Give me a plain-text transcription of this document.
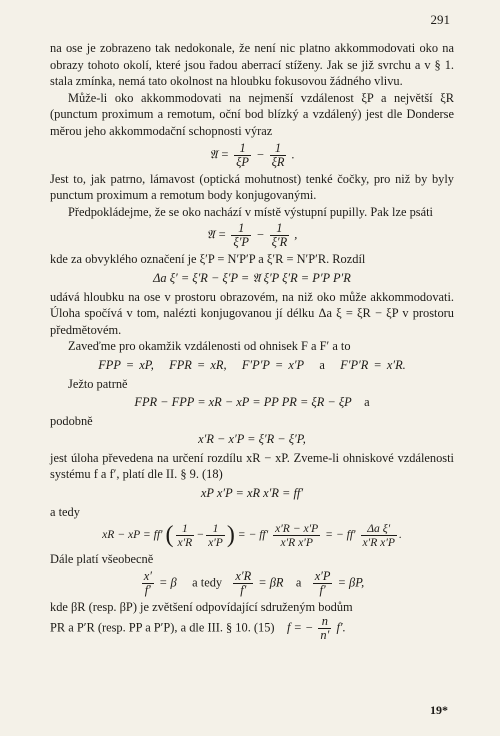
291

na ose je zobrazeno tak nedokonale, že není nic platno akkommodovati oko na obrazy tohoto okolí, které jsou řadou aberrací stíženy. Jak se již svrchu a v § 1. stala zmínka, nemá tato okolnost na hloubku fokusovou žádného vlivu.

Může-li oko akkommodovati na nejmenší vzdálenost ξP a největší ξR (punctum proximum a remotum, oční bod blízký a vzdálený) jest dle Donderse měrou jeho akkommodační schopnosti výraz

𝔄 = $\frac{1}{\xi P} - \frac{1}{\xi R}$ .

Jest to, jak patrno, lámavost (optická mohutnost) tenké čočky, pro niž by byly punctum proximum a remotum body konjugovanými.

Předpokládejme, že se oko nachází v místě výstupní pupilly. Pak lze psáti

𝔄 = $\frac{1}{\xi'P} - \frac{1}{\xi'R}$ ,

kde za obvyklého označení je ξ′P = N′P′P a ξ′R = N′P′R. Rozdíl

Δa ξ′ = ξ′R − ξ′P = 𝔄 ξ′P ξ′R = P′P P′R

udává hloubku na ose v prostoru obrazovém, na niž oko může akkommodovati. Úloha spočívá v tom, nalézti konjugovanou jí délku Δa ξ = ξR − ξP v prostoru předmětovém.

Zaveďme pro okamžik vzdálenosti od ohnisek F a F′ a to

FPP = xP, FPR = xR, F′P′P = x′P a F′P′R = x′R.

Ježto patrně

FPR − FPP = xR − xP = PP PR = ξR − ξP a

podobně

x′R − x′P = ξ′R − ξ′P,

jest úloha převedena na určení rozdílu xR − xP. Zveme-li ohniskové vzdálenosti systému f a f′, platí dle II. § 9. (18)

xP x′P = xR x′R = ff′

a tedy

xR − xP = ff′ ( $\frac{1}{x'R} - \frac{1}{x'P}$ ) = − $ff' \frac{x'R - x'P}{\text{x′R x′P}}$ = − $ff' \frac{\text{Δa ξ′}}{\text{x′R x′P}}$ .

Dále platí všeobecně

$\frac{x'}{f'} = \beta$ a tedy $\frac{x'R}{f'} = \beta R$ a $\frac{x'P}{f'} = \beta P$,

kde βR (resp. βP) je zvětšení odpovídající sdruženým bodům

PR a P′R (resp. PP a P′P), a dle III. § 10. (15) f = − $\frac{n}{n'} f'$.
19*
